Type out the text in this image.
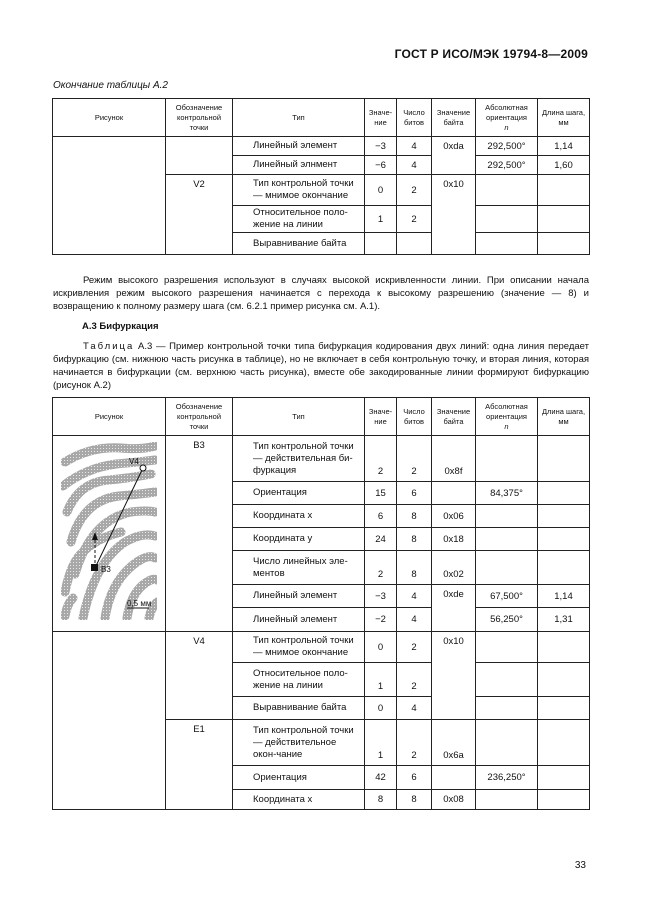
ГОСТ Р ИСО/МЭК 19794-8—2009
Окончание таблицы А.2
Рисунок	Обозначение контрольной точки	Тип	Значе-ние	Число битов	Значение байта	Абсолютная ориентация
n	Длина шага, мм
		Линейный элемент	−3	4	0xda	292,500°	1,14
		Линейный элнмент	−6	4		292,500°	1,60
	V2	Тип контрольной точки — мнимое окончание	0	2	0x10		
		Относительное поло-жение на линии	1	2			
		Выравнивание байта					

Режим высокого разрешения используют в случаях высокой искривленности линии. При описании начала искривления режим высокого разрешения начинается с перехода к высокому разрешению (значение — 8) и возвращению к полному размеру шага (см. 6.2.1 пример рисунка см. А.1).

А.3 Бифуркация

Таблица А.3 — Пример контрольной точки типа бифуркация кодирования двух линий: одна линия передает бифуркацию (см. нижнюю часть рисунка в таблице), но не включает в себя контрольную точку, и вторая линия, которая начинается в бифуркации (см. верхнюю часть рисунка), вместе обе закодированные линии формируют бифуркацию (рисунок А.2)

Рисунок	Обозначение контрольной точки	Тип	Значе-ние	Число битов	Значение байта	Абсолютная ориентация
n	Длина шага, мм

V4
B3
0,5 мм	B3	Тип контрольной точки — действительная би-фуркация	2	2	0x8f		
		Ориентация	15	6		84,375°	
		Координата x	6	8	0x06		
		Координата y	24	8	0x18		
		Число линейных эле-ментов	2	8	0x02		
		Линейный элемент	−3	4	0xde	67,500°	1,14
		Линейный элемент	−2	4		56,250°	1,31
	V4	Тип контрольной точки — мнимое окончание	0	2	0x10		
		Относительное поло-жение на линии	1	2			
		Выравнивание байта	0	4			
	E1	Тип контрольной точки — действительное окон-чание	1	2	0x6a		
		Ориентация	42	6		236,250°	
		Координата x	8	8	0x08		
33
